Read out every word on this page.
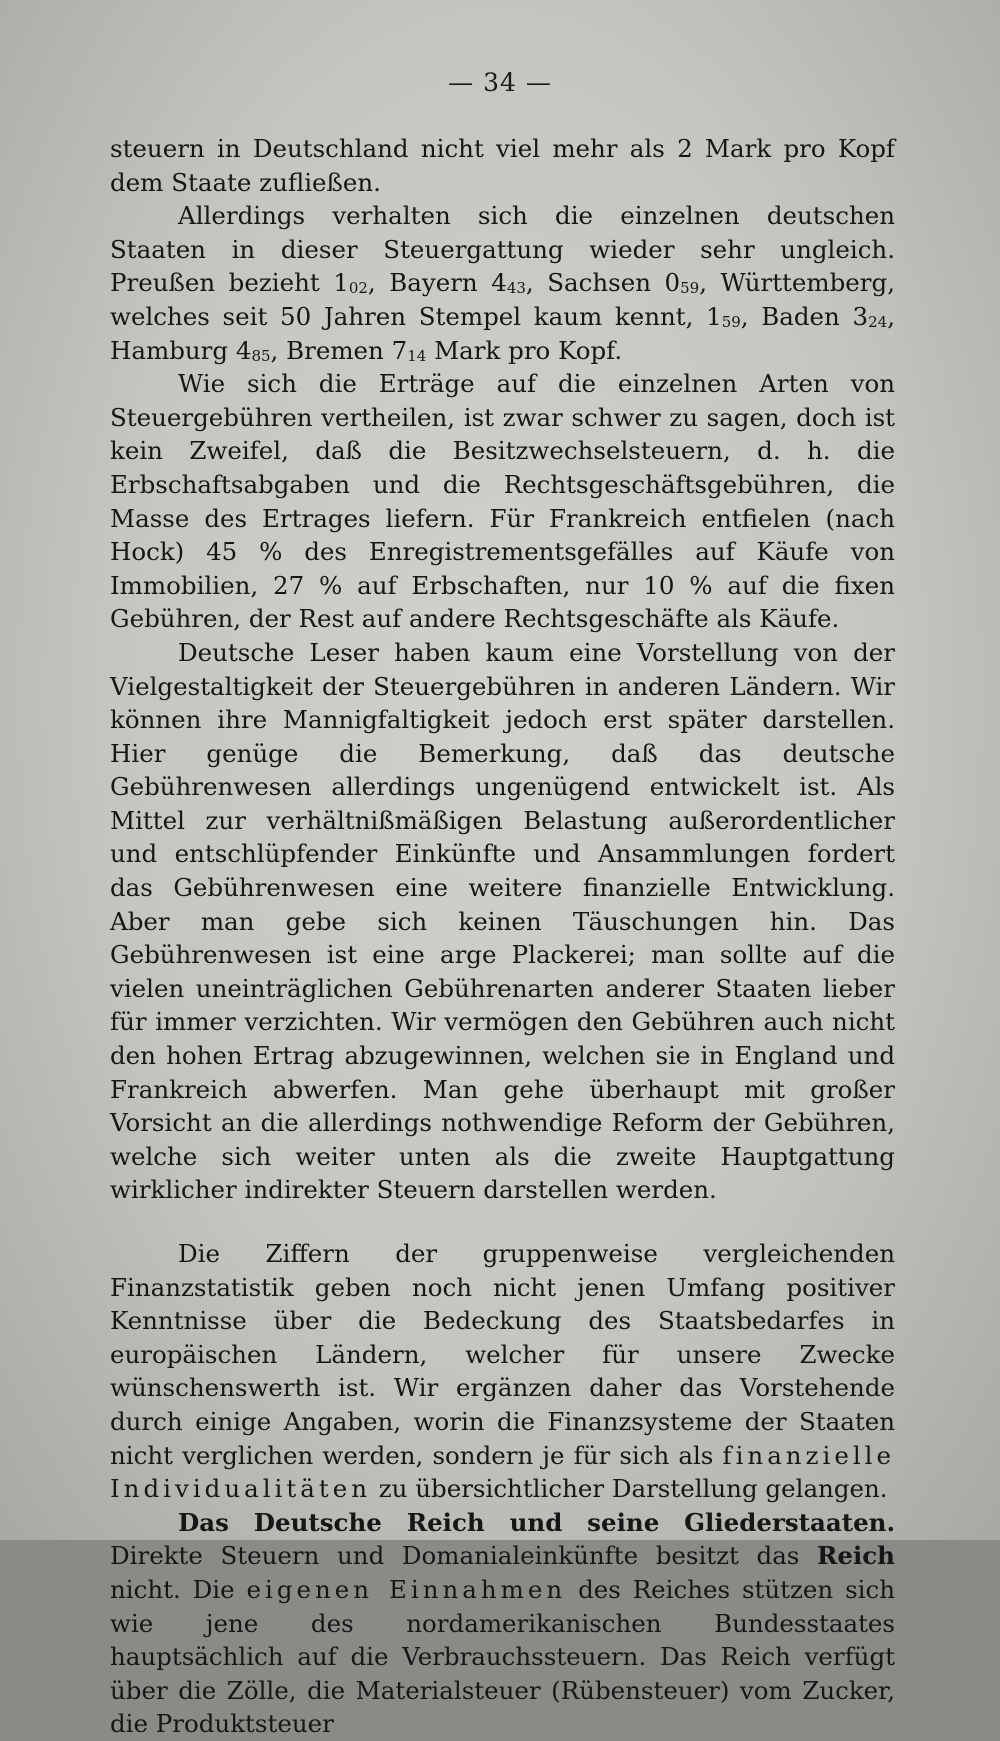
— 34 —

steuern in Deutschland nicht viel mehr als 2 Mark pro Kopf dem Staate zufließen.

Allerdings verhalten sich die einzelnen deutschen Staaten in dieser Steuergattung wieder sehr ungleich. Preußen bezieht $1_{02}$, Bayern $4_{43}$, Sachsen $0_{59}$, Württemberg, welches seit 50 Jahren Stempel kaum kennt, $1_{59}$, Baden $3_{24}$, Hamburg $4_{85}$, Bremen $7_{14}$ Mark pro Kopf.

Wie sich die Erträge auf die einzelnen Arten von Steuergebühren vertheilen, ist zwar schwer zu sagen, doch ist kein Zweifel, daß die Besitzwechselsteuern, d. h. die Erbschaftsabgaben und die Rechtsgeschäftsgebühren, die Masse des Ertrages liefern. Für Frankreich entfielen (nach Hock) 45 % des Enregistrementsgefälles auf Käufe von Immobilien, 27 % auf Erbschaften, nur 10 % auf die fixen Gebühren, der Rest auf andere Rechtsgeschäfte als Käufe.

Deutsche Leser haben kaum eine Vorstellung von der Vielgestaltigkeit der Steuergebühren in anderen Ländern. Wir können ihre Mannigfaltigkeit jedoch erst später darstellen. Hier genüge die Bemerkung, daß das deutsche Gebührenwesen allerdings ungenügend entwickelt ist. Als Mittel zur verhältnißmäßigen Belastung außerordentlicher und entschlüpfender Einkünfte und Ansammlungen fordert das Gebührenwesen eine weitere finanzielle Entwicklung. Aber man gebe sich keinen Täuschungen hin. Das Gebührenwesen ist eine arge Plackerei; man sollte auf die vielen uneinträglichen Gebührenarten anderer Staaten lieber für immer verzichten. Wir vermögen den Gebühren auch nicht den hohen Ertrag abzugewinnen, welchen sie in England und Frankreich abwerfen. Man gehe überhaupt mit großer Vorsicht an die allerdings nothwendige Reform der Gebühren, welche sich weiter unten als die zweite Hauptgattung wirklicher indirekter Steuern darstellen werden.

Die Ziffern der gruppenweise vergleichenden Finanzstatistik geben noch nicht jenen Umfang positiver Kenntnisse über die Bedeckung des Staatsbedarfes in europäischen Ländern, welcher für unsere Zwecke wünschenswerth ist. Wir ergänzen daher das Vorstehende durch einige Angaben, worin die Finanzsysteme der Staaten nicht verglichen werden, sondern je für sich als finanzielle Individualitäten zu übersichtlicher Darstellung gelangen.

Das Deutsche Reich und seine Gliederstaaten. Direkte Steuern und Domanialeinkünfte besitzt das Reich nicht. Die eigenen Einnahmen des Reiches stützen sich wie jene des nordamerikanischen Bundesstaates hauptsächlich auf die Verbrauchssteuern. Das Reich verfügt über die Zölle, die Materialsteuer (Rübensteuer) vom Zucker, die Produktsteuer
